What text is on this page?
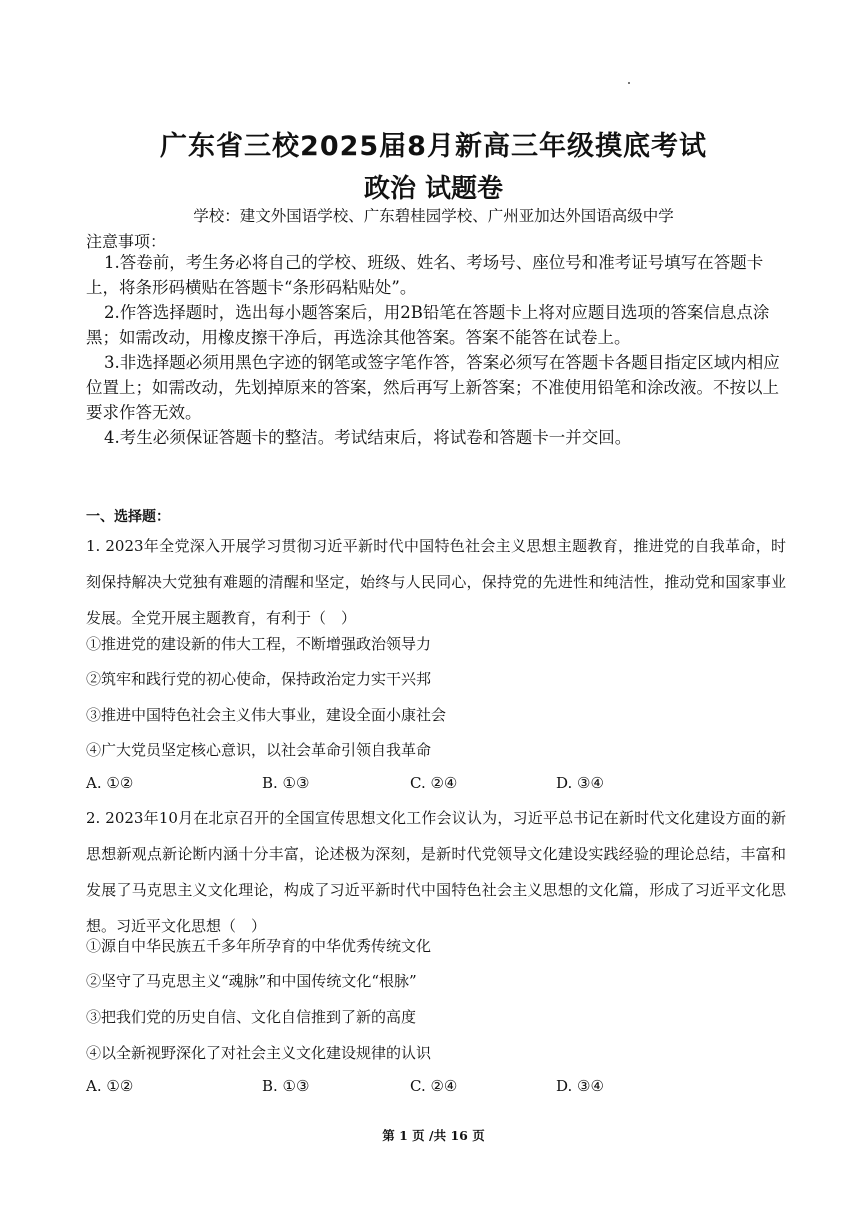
广东省三校2025届8月新高三年级摸底考试
政治 试题卷
学校：建文外国语学校、广东碧桂园学校、广州亚加达外国语高级中学
注意事项：
1.答卷前，考生务必将自己的学校、班级、姓名、考场号、座位号和准考证号填写在答题卡上，将条形码横贴在答题卡“条形码粘贴处”。
2.作答选择题时，选出每小题答案后，用2B铅笔在答题卡上将对应题目选项的答案信息点涂黑；如需改动，用橡皮擦干净后，再选涂其他答案。答案不能答在试卷上。
3.非选择题必须用黑色字迹的钢笔或签字笔作答，答案必须写在答题卡各题目指定区域内相应位置上；如需改动，先划掉原来的答案，然后再写上新答案；不准使用铅笔和涂改液。不按以上要求作答无效。
4.考生必须保证答题卡的整洁。考试结束后，将试卷和答题卡一并交回。
一、选择题：
1. 2023年全党深入开展学习贯彻习近平新时代中国特色社会主义思想主题教育，推进党的自我革命，时刻保持解决大党独有难题的清醒和坚定，始终与人民同心，保持党的先进性和纯洁性，推动党和国家事业发展。全党开展主题教育，有利于（　）
①推进党的建设新的伟大工程，不断增强政治领导力
②筑牢和践行党的初心使命，保持政治定力实干兴邦
③推进中国特色社会主义伟大事业，建设全面小康社会
④广大党员坚定核心意识，以社会革命引领自我革命
A. ①②	B. ①③	C. ②④	D. ③④
2. 2023年10月在北京召开的全国宣传思想文化工作会议认为，习近平总书记在新时代文化建设方面的新思想新观点新论断内涵十分丰富，论述极为深刻，是新时代党领导文化建设实践经验的理论总结，丰富和发展了马克思主义文化理论，构成了习近平新时代中国特色社会主义思想的文化篇，形成了习近平文化思想。习近平文化思想（　）
①源自中华民族五千多年所孕育的中华优秀传统文化
②坚守了马克思主义“魂脉”和中国传统文化“根脉”
③把我们党的历史自信、文化自信推到了新的高度
④以全新视野深化了对社会主义文化建设规律的认识
A. ①②	B. ①③	C. ②④	D. ③④
第 1 页 /共 16 页
